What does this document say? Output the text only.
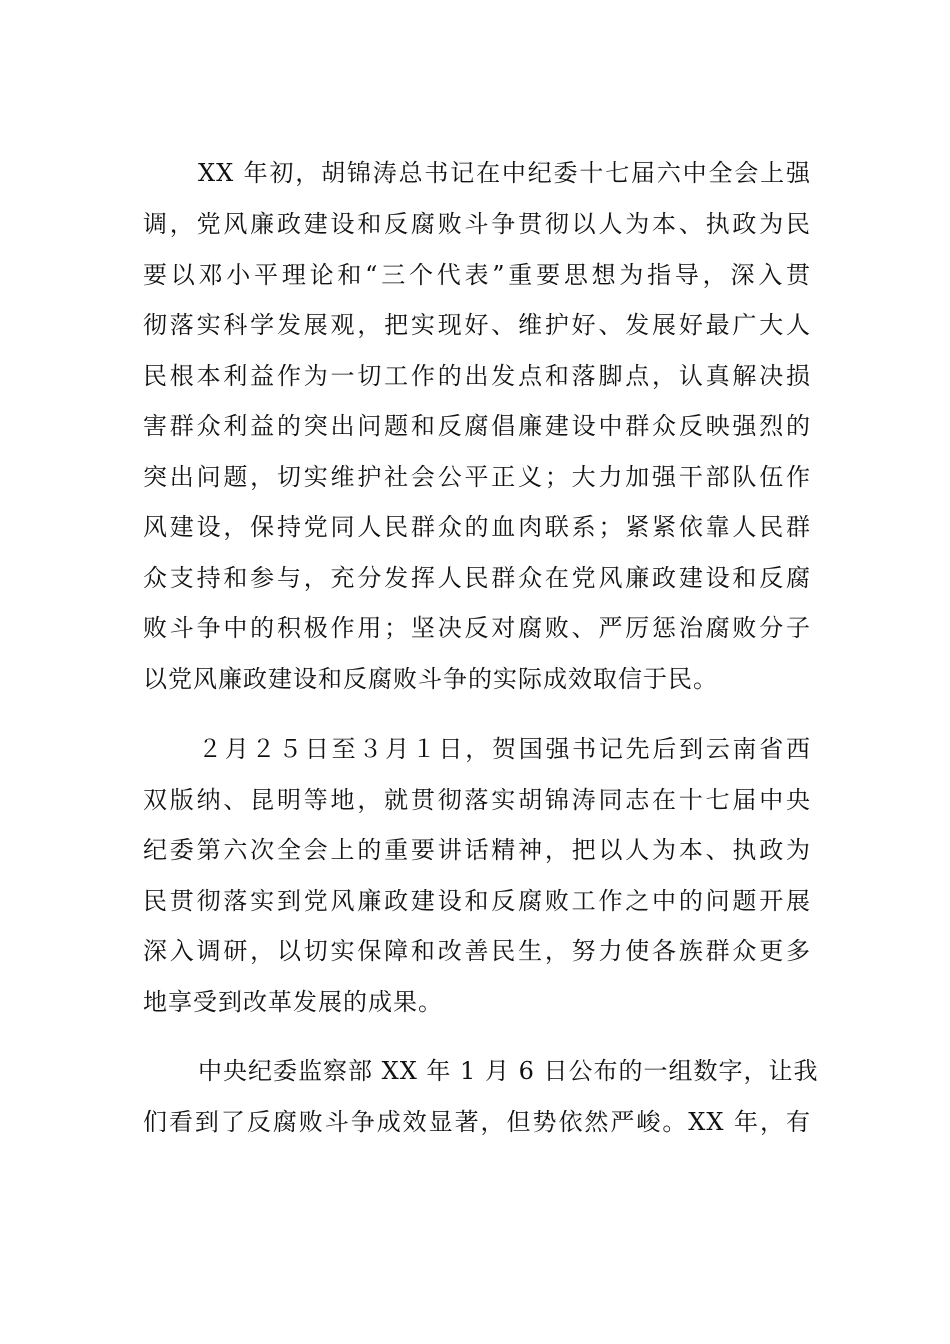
XX 年初，胡锦涛总书记在中纪委十七届六中全会上强
调，党风廉政建设和反腐败斗争贯彻以人为本、执政为民
要以邓小平理论和“三个代表”重要思想为指导，深入贯
彻落实科学发展观，把实现好、维护好、发展好最广大人
民根本利益作为一切工作的出发点和落脚点，认真解决损
害群众利益的突出问题和反腐倡廉建设中群众反映强烈的
突出问题，切实维护社会公平正义；大力加强干部队伍作
风建设，保持党同人民群众的血肉联系；紧紧依靠人民群
众支持和参与，充分发挥人民群众在党风廉政建设和反腐
败斗争中的积极作用；坚决反对腐败、严厉惩治腐败分子
以党风廉政建设和反腐败斗争的实际成效取信于民。
２月２５日至３月１日，贺国强书记先后到云南省西
双版纳、昆明等地，就贯彻落实胡锦涛同志在十七届中央
纪委第六次全会上的重要讲话精神，把以人为本、执政为
民贯彻落实到党风廉政建设和反腐败工作之中的问题开展
深入调研，以切实保障和改善民生，努力使各族群众更多
地享受到改革发展的成果。
中央纪委监察部 XX 年 1 月 6 日公布的一组数字，让我
们看到了反腐败斗争成效显著，但势依然严峻。XX 年，有
